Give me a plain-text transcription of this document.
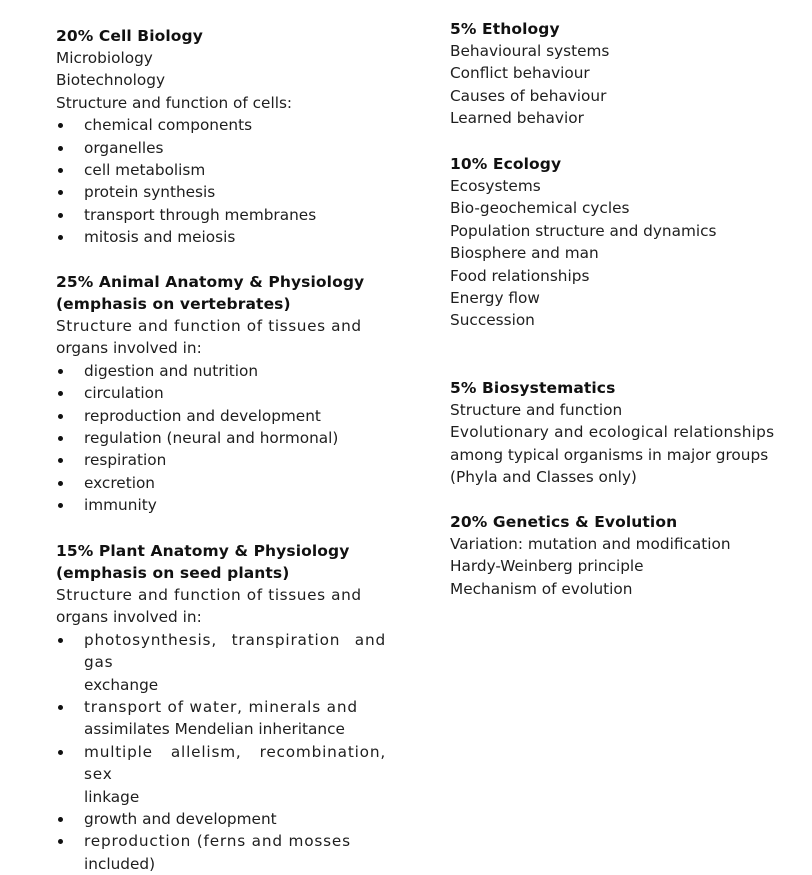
20% Cell Biology

Microbiology

Biotechnology

Structure and function of cells:

chemical components
organelles
cell metabolism
protein synthesis
transport through membranes
mitosis and meiosis
25% Animal Anatomy & Physiology
(emphasis on vertebrates)

Structure and function of tissues and

organs involved in:

digestion and nutrition
circulation
reproduction and development
regulation (neural and hormonal)
respiration
excretion
immunity
15% Plant Anatomy & Physiology
(emphasis on seed plants)

Structure and function of tissues and

organs involved in:

photosynthesis, transpiration and gas
exchange
transport of water, minerals and
assimilates Mendelian inheritance
multiple allelism, recombination, sex
linkage
growth and development
reproduction (ferns and mosses
included)
5% Ethology

Behavioural systems

Conflict behaviour

Causes of behaviour

Learned behavior

10% Ecology

Ecosystems

Bio-geochemical cycles

Population structure and dynamics

Biosphere and man

Food relationships

Energy flow

Succession

5% Biosystematics

Structure and function

Evolutionary and ecological relationships

among typical organisms in major groups

(Phyla and Classes only)

20% Genetics & Evolution

Variation: mutation and modification

Hardy-Weinberg principle

Mechanism of evolution
